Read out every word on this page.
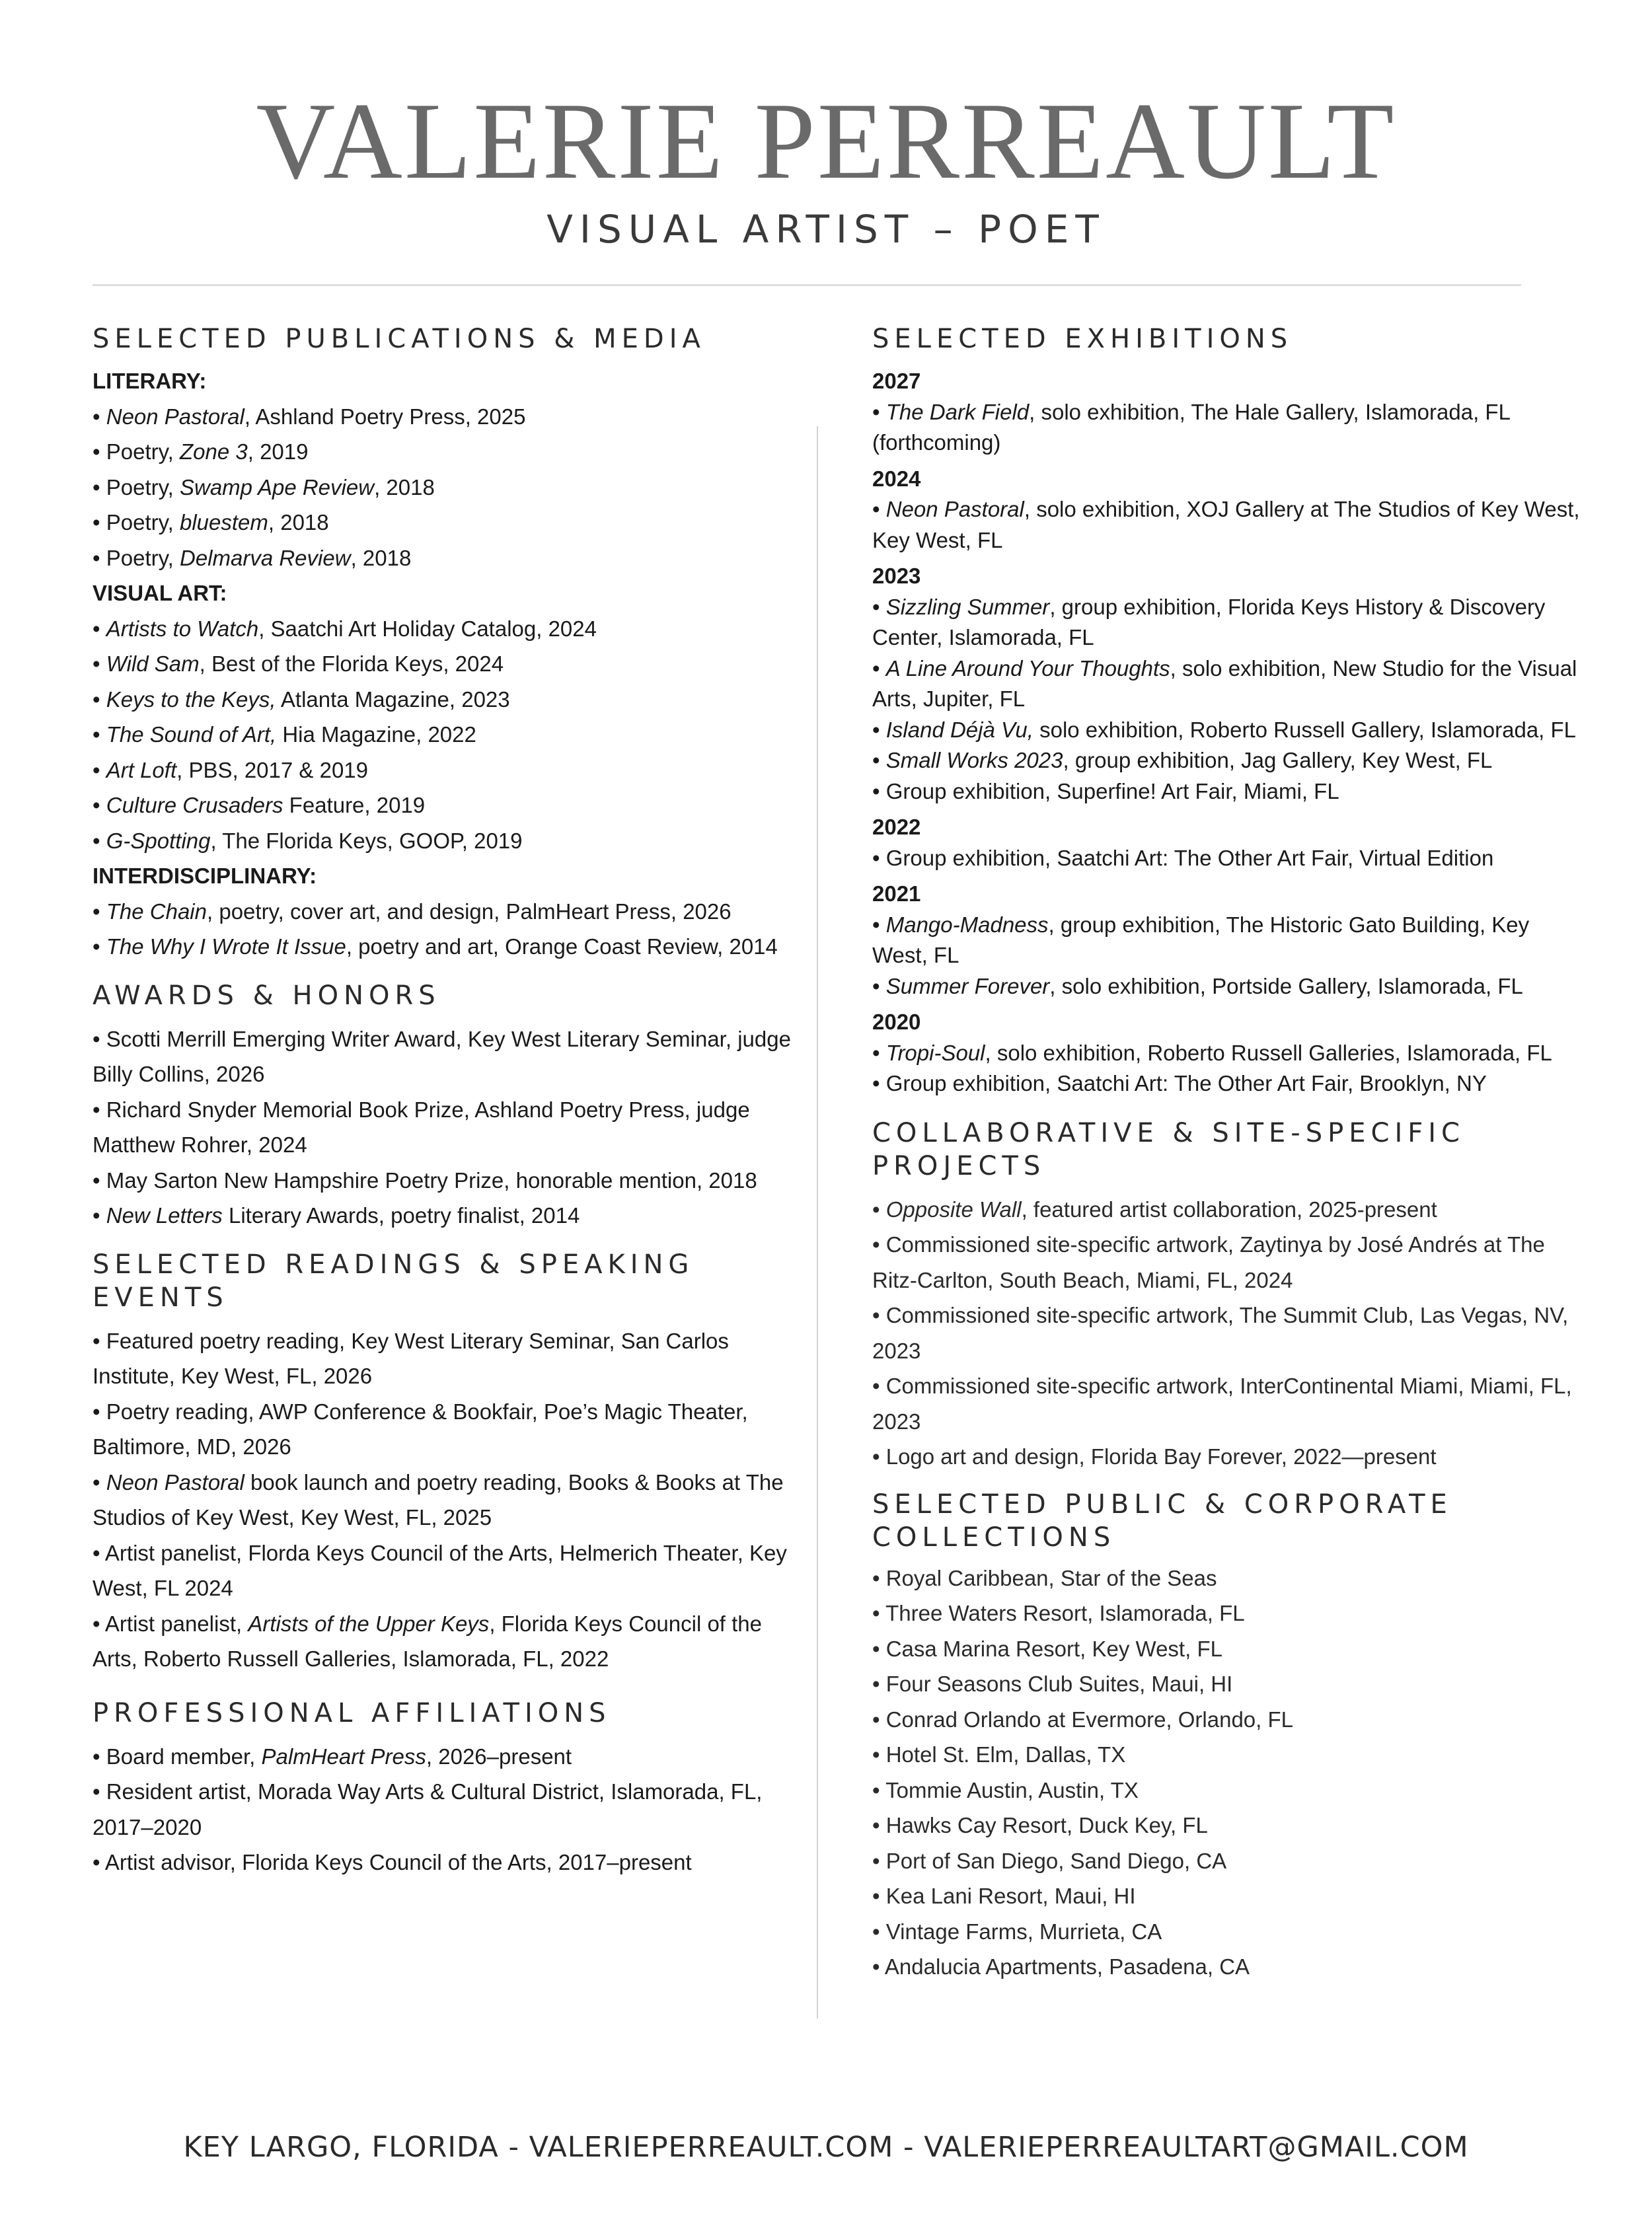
VALERIE PERREAULT
VISUAL ARTIST – POET
SELECTED PUBLICATIONS & MEDIA
LITERARY:
• Neon Pastoral, Ashland Poetry Press, 2025
• Poetry, Zone 3, 2019
• Poetry, Swamp Ape Review, 2018
• Poetry, bluestem, 2018
• Poetry, Delmarva Review, 2018
VISUAL ART:
• Artists to Watch, Saatchi Art Holiday Catalog, 2024
• Wild Sam, Best of the Florida Keys, 2024
• Keys to the Keys, Atlanta Magazine, 2023
• The Sound of Art, Hia Magazine, 2022
• Art Loft, PBS, 2017 & 2019
• Culture Crusaders Feature, 2019
• G-Spotting, The Florida Keys, GOOP, 2019
INTERDISCIPLINARY:
• The Chain, poetry, cover art, and design, PalmHeart Press, 2026
• The Why I Wrote It Issue, poetry and art, Orange Coast Review, 2014
AWARDS & HONORS
• Scotti Merrill Emerging Writer Award, Key West Literary Seminar, judge Billy Collins, 2026
• Richard Snyder Memorial Book Prize, Ashland Poetry Press, judge Matthew Rohrer, 2024
• May Sarton New Hampshire Poetry Prize, honorable mention, 2018
• New Letters Literary Awards, poetry finalist, 2014
SELECTED READINGS & SPEAKING EVENTS
• Featured poetry reading, Key West Literary Seminar, San Carlos Institute, Key West, FL, 2026
• Poetry reading, AWP Conference & Bookfair, Poe’s Magic Theater, Baltimore, MD, 2026
• Neon Pastoral book launch and poetry reading, Books & Books at The Studios of Key West, Key West, FL, 2025
• Artist panelist, Florda Keys Council of the Arts, Helmerich Theater, Key West, FL 2024
• Artist panelist, Artists of the Upper Keys, Florida Keys Council of the Arts, Roberto Russell Galleries, Islamorada, FL, 2022
PROFESSIONAL AFFILIATIONS
• Board member, PalmHeart Press, 2026–present
• Resident artist, Morada Way Arts & Cultural District, Islamorada, FL, 2017–2020
• Artist advisor, Florida Keys Council of the Arts, 2017–present
SELECTED EXHIBITIONS
2027
• The Dark Field, solo exhibition, The Hale Gallery, Islamorada, FL (forthcoming)
2024
• Neon Pastoral, solo exhibition, XOJ Gallery at The Studios of Key West, Key West, FL
2023
• Sizzling Summer, group exhibition, Florida Keys History & Discovery Center, Islamorada, FL
• A Line Around Your Thoughts, solo exhibition, New Studio for the Visual Arts, Jupiter, FL
• Island Déjà Vu, solo exhibition, Roberto Russell Gallery, Islamorada, FL
• Small Works 2023, group exhibition, Jag Gallery, Key West, FL
• Group exhibition, Superfine! Art Fair, Miami, FL
2022
• Group exhibition, Saatchi Art: The Other Art Fair, Virtual Edition
2021
• Mango-Madness, group exhibition, The Historic Gato Building, Key West, FL
• Summer Forever, solo exhibition, Portside Gallery, Islamorada, FL
2020
• Tropi-Soul, solo exhibition, Roberto Russell Galleries, Islamorada, FL
• Group exhibition, Saatchi Art: The Other Art Fair, Brooklyn, NY
COLLABORATIVE & SITE-SPECIFIC PROJECTS
• Opposite Wall, featured artist collaboration, 2025-present
• Commissioned site-specific artwork, Zaytinya by José Andrés at The Ritz-Carlton, South Beach, Miami, FL, 2024
• Commissioned site-specific artwork, The Summit Club, Las Vegas, NV, 2023
• Commissioned site-specific artwork, InterContinental Miami, Miami, FL, 2023
• Logo art and design, Florida Bay Forever, 2022—present
SELECTED PUBLIC & CORPORATE COLLECTIONS
• Royal Caribbean, Star of the Seas
• Three Waters Resort, Islamorada, FL
• Casa Marina Resort, Key West, FL
• Four Seasons Club Suites, Maui, HI
• Conrad Orlando at Evermore, Orlando, FL
• Hotel St. Elm, Dallas, TX
• Tommie Austin, Austin, TX
• Hawks Cay Resort, Duck Key, FL
• Port of San Diego, Sand Diego, CA
• Kea Lani Resort, Maui, HI
• Vintage Farms, Murrieta, CA
• Andalucia Apartments, Pasadena, CA
KEY LARGO, FLORIDA - VALERIEPERREAULT.COM - VALERIEPERREAULTART@GMAIL.COM
